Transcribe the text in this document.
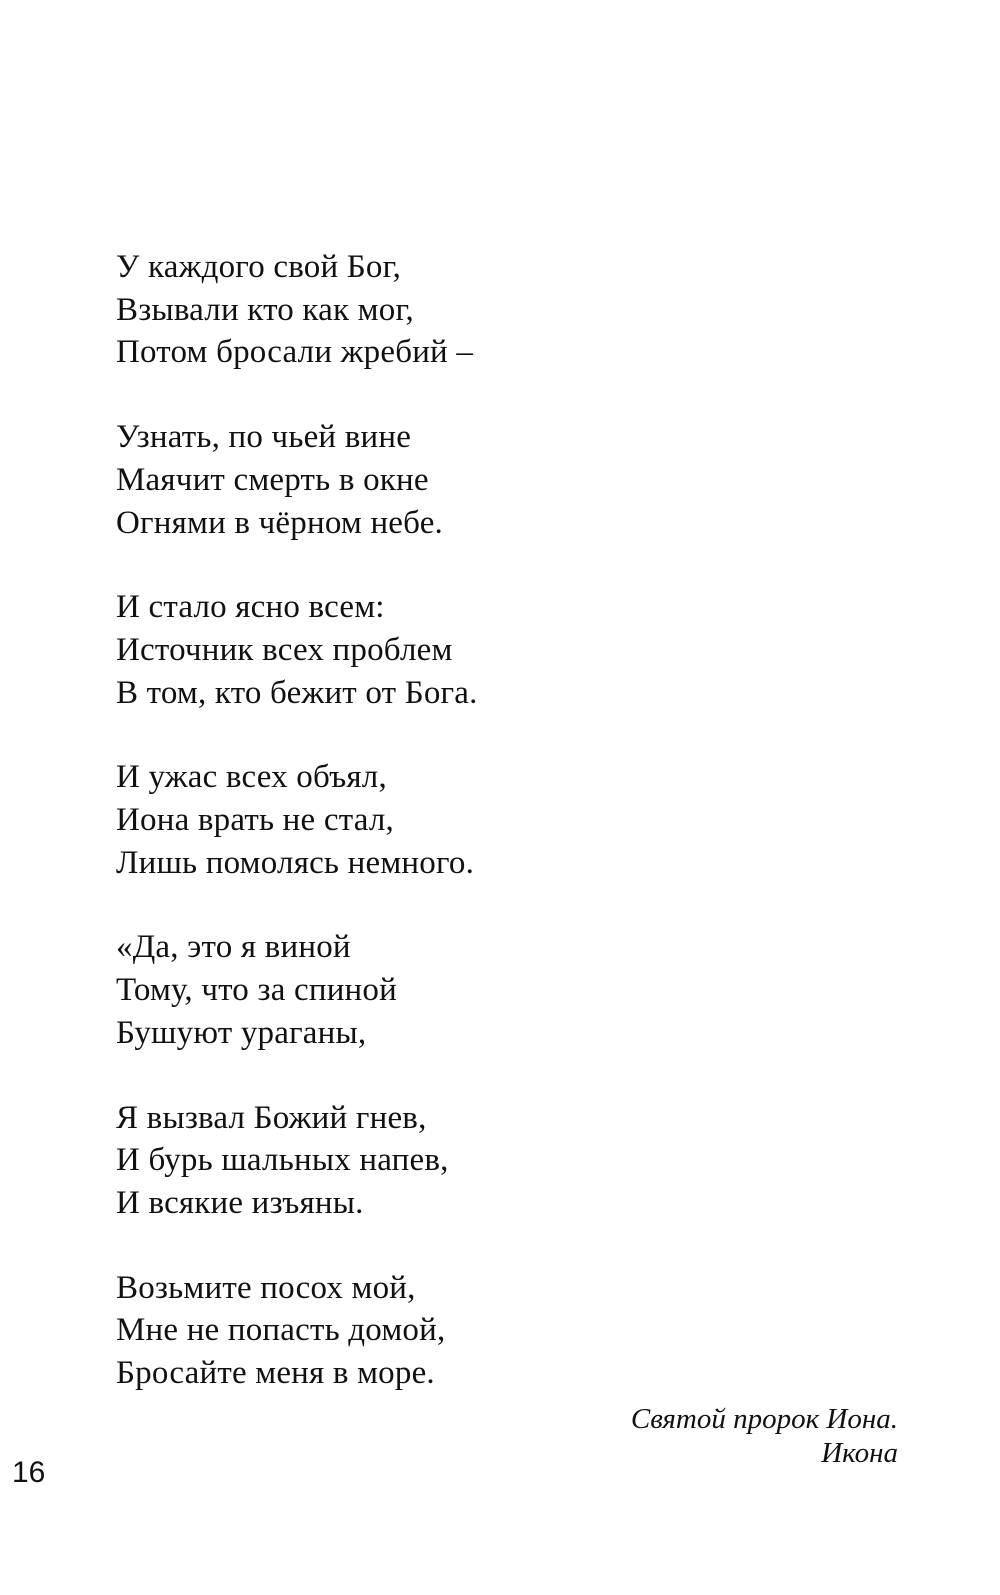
У каждого свой Бог,
Взывали кто как мог,
Потом бросали жребий –
Узнать, по чьей вине
Маячит смерть в окне
Огнями в чёрном небе.
И стало ясно всем:
Источник всех проблем
В том, кто бежит от Бога.
И ужас всех объял,
Иона врать не стал,
Лишь помолясь немного.
«Да, это я виной
Тому, что за спиной
Бушуют ураганы,
Я вызвал Божий гнев,
И бурь шальных напев,
И всякие изъяны.
Возьмите посох мой,
Мне не попасть домой,
Бросайте меня в море.
Святой пророк Иона.
Икона
16
